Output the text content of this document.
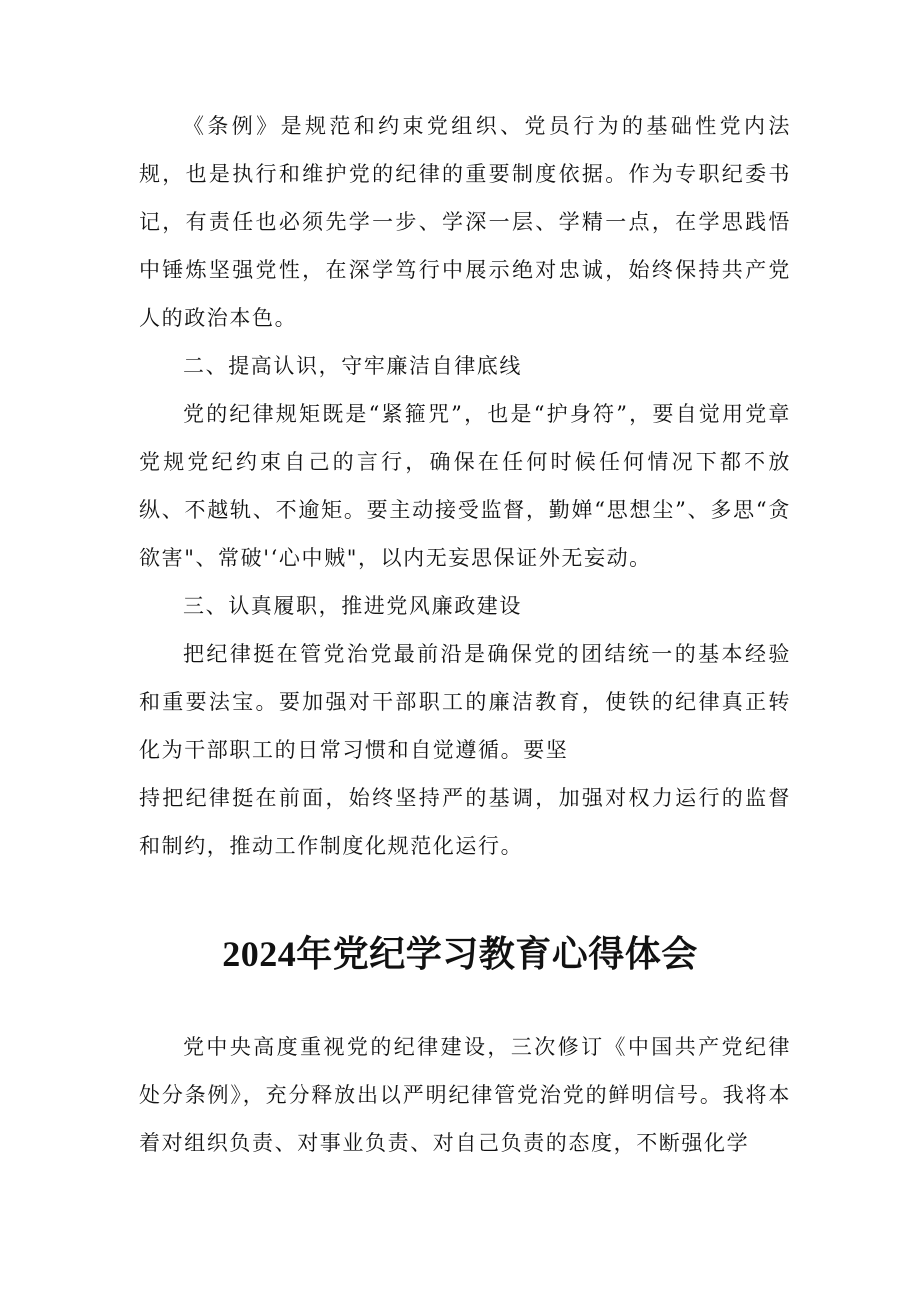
《条例》是规范和约束党组织、党员行为的基础性党内法规，也是执行和维护党的纪律的重要制度依据。作为专职纪委书记，有责任也必须先学一步、学深一层、学精一点，在学思践悟中锤炼坚强党性，在深学笃行中展示绝对忠诚，始终保持共产党人的政治本色。

二、提高认识，守牢廉洁自律底线

党的纪律规矩既是“紧箍咒”，也是“护身符”，要自觉用党章党规党纪约束自己的言行，确保在任何时候任何情况下都不放纵、不越轨、不逾矩。要主动接受监督，勤婵“思想尘”、多思“贪欲害"、常破'‘心中贼"，以内无妄思保证外无妄动。

三、认真履职，推进党风廉政建设

把纪律挺在管党治党最前沿是确保党的团结统一的基本经验和重要法宝。要加强对干部职工的廉洁教育，使铁的纪律真正转化为干部职工的日常习惯和自觉遵循。要坚

持把纪律挺在前面，始终坚持严的基调，加强对权力运行的监督和制约，推动工作制度化规范化运行。

2024年党纪学习教育心得体会

党中央高度重视党的纪律建设，三次修订《中国共产党纪律处分条例》，充分释放出以严明纪律管党治党的鲜明信号。我将本着对组织负责、对事业负责、对自己负责的态度，不断强化学
